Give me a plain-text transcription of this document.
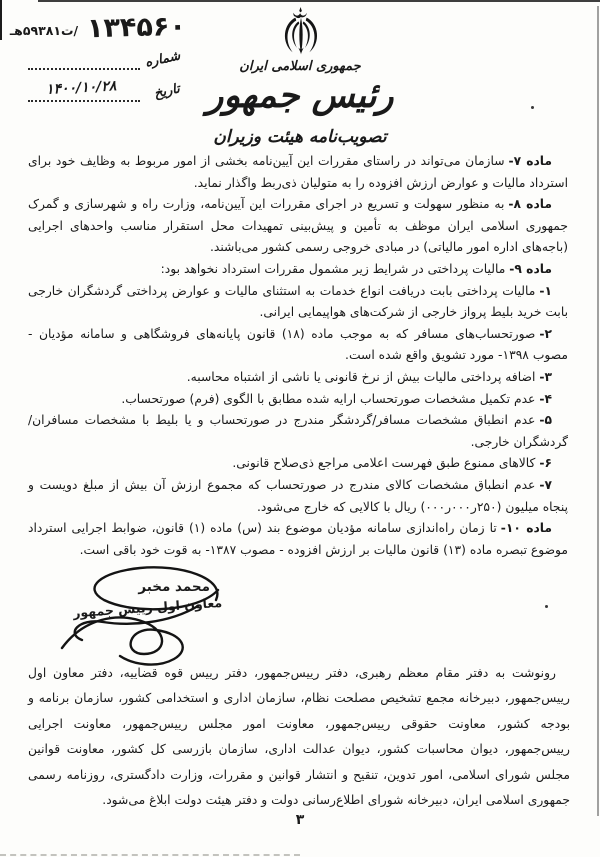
۱۳۴۵۶۰
/ت۵۹۳۸۱هـ
شماره
تاریخ
۱۴۰۰/۱۰/۲۸
جمهوری اسلامی ایران
رئیس جمهور
تصویب‌نامه هیئت وزیران

ماده ۷-سازمان می‌تواند در راستای مقررات این آیین‌نامه بخشی از امور مربوط به وظایف خود برای استرداد مالیات و عوارض ارزش افزوده را به متولیان ذی‌ربط واگذار نماید.

ماده ۸-به منظور سهولت و تسریع در اجرای مقررات این آیین‌نامه، وزارت راه و شهرسازی و گمرک جمهوری اسلامی ایران موظف به تأمین و پیش‌بینی تمهیدات محل استقرار مناسب واحدهای اجرایی (باجه‌های اداره امور مالیاتی) در مبادی خروجی رسمی کشور می‌باشند.

ماده ۹-مالیات پرداختی در شرایط زیر مشمول مقررات استرداد نخواهد بود:

۱-مالیات پرداختی بابت دریافت انواع خدمات به استثنای مالیات و عوارض پرداختی گردشگران خارجی بابت خرید بلیط پرواز خارجی از شرکت‌های هواپیمایی ایرانی.

۲-صورتحساب‌های مسافر که به موجب ماده (۱۸) قانون پایانه‌های فروشگاهی و سامانه مؤدیان - مصوب ۱۳۹۸- مورد تشویق واقع شده است.

۳-اضافه پرداختی مالیات بیش از نرخ قانونی یا ناشی از اشتباه محاسبه.

۴-عدم تکمیل مشخصات صورتحساب ارایه شده مطابق با الگوی (فرم) صورتحساب.

۵-عدم انطباق مشخصات مسافر/گردشگر مندرج در صورتحساب و یا بلیط با مشخصات مسافران/گردشگران خارجی.

۶-کالاهای ممنوع طبق فهرست اعلامی مراجع ذی‌صلاح قانونی.

۷-عدم انطباق مشخصات کالای مندرج در صورتحساب که مجموع ارزش آن بیش از مبلغ دویست و پنجاه میلیون (۲۵۰ر۰۰۰ر۰۰۰) ریال با کالایی که خارج می‌شود.

ماده ۱۰-تا زمان راه‌اندازی سامانه مؤدیان موضوع بند (س) ماده (۱) قانون، ضوابط اجرایی استرداد موضوع تبصره ماده (۱۳) قانون مالیات بر ارزش افزوده - مصوب ۱۳۸۷- به قوت خود باقی است.

محمد مخبر
معاون اول رییس جمهور

رونوشت به دفتر مقام معظم رهبری، دفتر رییس‌جمهور، دفتر رییس قوه قضاییه، دفتر معاون اول رییس‌جمهور، دبیرخانه مجمع تشخیص مصلحت نظام، سازمان اداری و استخدامی کشور، سازمان برنامه و بودجه کشور، معاونت حقوقی رییس‌جمهور، معاونت امور مجلس رییس‌جمهور، معاونت اجرایی رییس‌جمهور، دیوان محاسبات کشور، دیوان عدالت اداری، سازمان بازرسی کل کشور، معاونت قوانین مجلس شورای اسلامی، امور تدوین، تنقیح و انتشار قوانین و مقررات، وزارت دادگستری، روزنامه رسمی جمهوری اسلامی ایران، دبیرخانه شورای اطلاع‌رسانی دولت و دفتر هیئت دولت ابلاغ می‌شود.

۳
